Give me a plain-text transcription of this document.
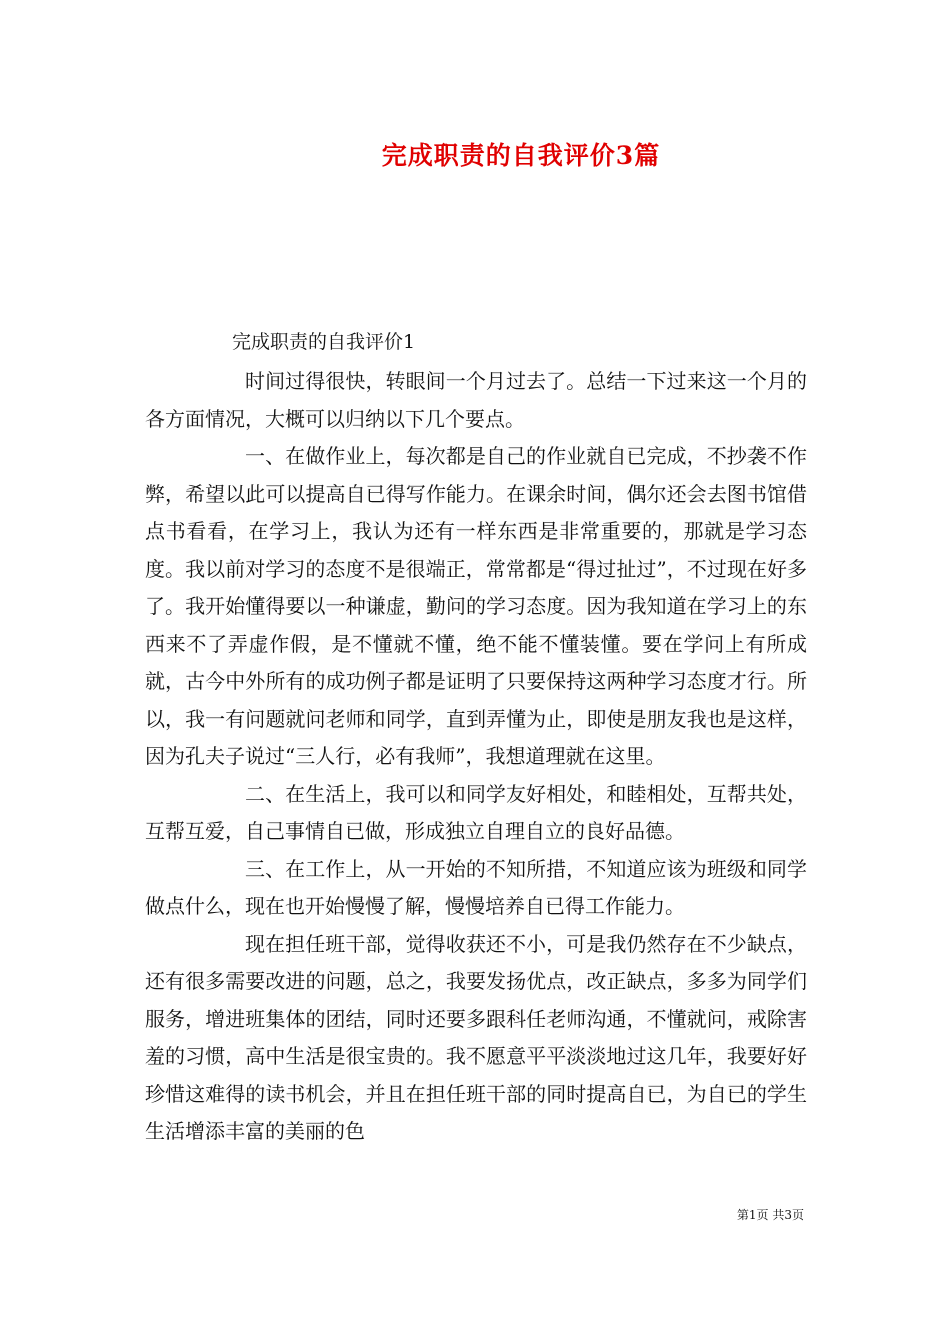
完成职责的自我评价3篇
完成职责的自我评价1

时间过得很快，转眼间一个月过去了。总结一下过来这一个月的各方面情况，大概可以归纳以下几个要点。

一、在做作业上，每次都是自己的作业就自已完成，不抄袭不作弊，希望以此可以提高自已得写作能力。在课余时间，偶尔还会去图书馆借点书看看，在学习上，我认为还有一样东西是非常重要的，那就是学习态度。我以前对学习的态度不是很端正，常常都是“得过扯过”，不过现在好多了。我开始懂得要以一种谦虚，勤问的学习态度。因为我知道在学习上的东西来不了弄虚作假，是不懂就不懂，绝不能不懂装懂。要在学问上有所成就，古今中外所有的成功例子都是证明了只要保持这两种学习态度才行。所以，我一有问题就问老师和同学，直到弄懂为止，即使是朋友我也是这样，因为孔夫子说过“三人行，必有我师”，我想道理就在这里。

二、在生活上，我可以和同学友好相处，和睦相处，互帮共处，互帮互爱，自己事情自已做，形成独立自理自立的良好品德。

三、在工作上，从一开始的不知所措，不知道应该为班级和同学做点什么，现在也开始慢慢了解，慢慢培养自已得工作能力。

现在担任班干部，觉得收获还不小，可是我仍然存在不少缺点，还有很多需要改进的问题，总之，我要发扬优点，改正缺点，多多为同学们服务，增进班集体的团结，同时还要多跟科任老师沟通，不懂就问，戒除害羞的习惯，高中生活是很宝贵的。我不愿意平平淡淡地过这几年，我要好好珍惜这难得的读书机会，并且在担任班干部的同时提高自已，为自已的学生生活增添丰富的美丽的色

第1页 共3页
